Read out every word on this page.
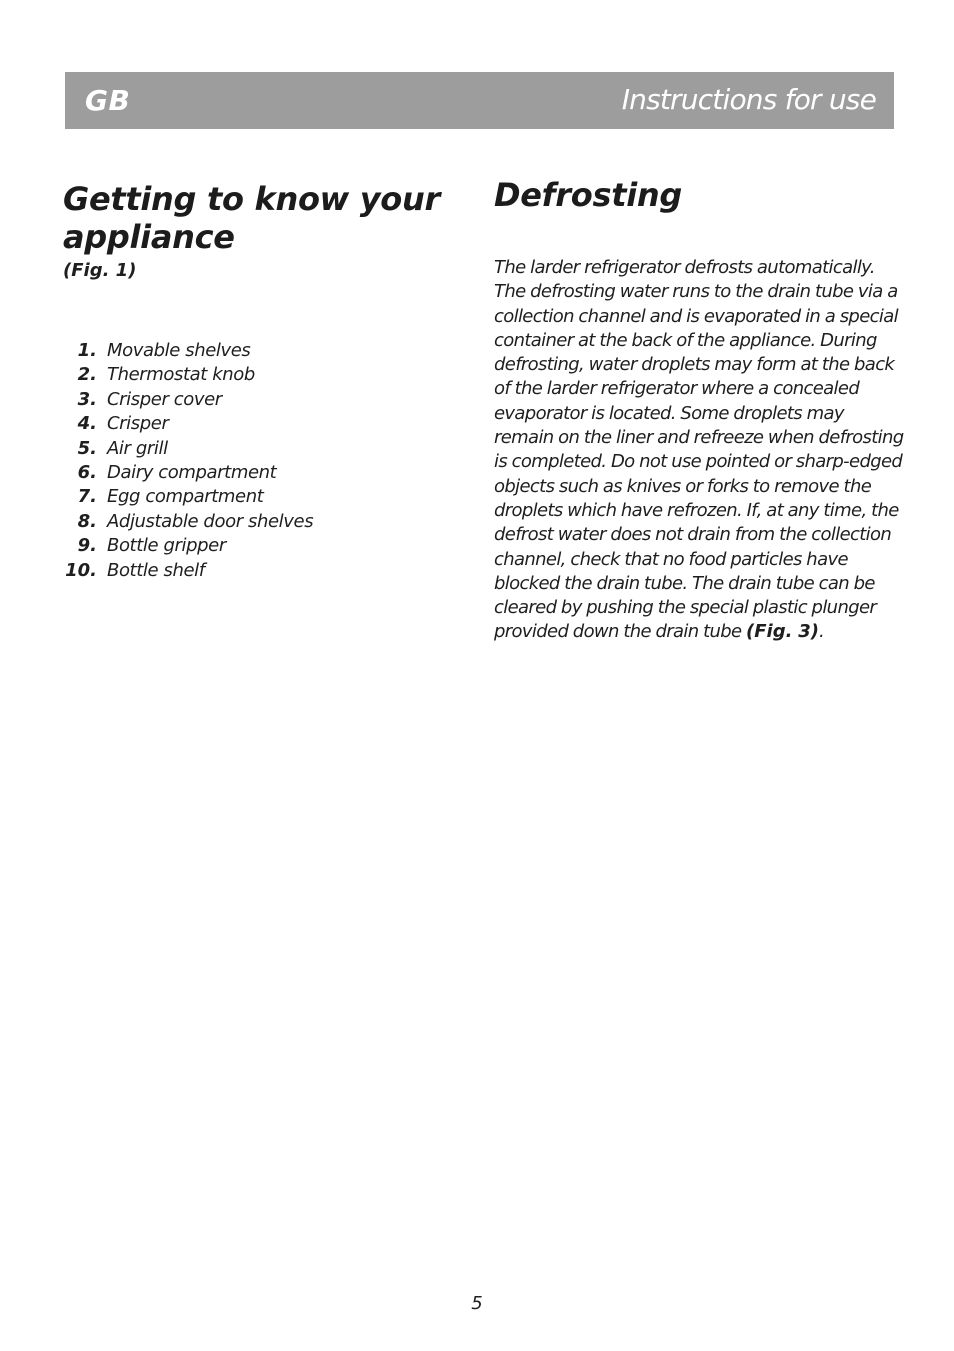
GB	Instructions for use
Getting to know your appliance
(Fig. 1)
1. Movable shelves
2. Thermostat knob
3. Crisper cover
4. Crisper
5. Air grill
6. Dairy compartment
7. Egg compartment
8. Adjustable door shelves
9. Bottle gripper
10. Bottle shelf
Defrosting

The larder refrigerator defrosts automatically. The defrosting water runs to the drain tube via a collection channel and is evaporated in a special container at the back of the appliance. During defrosting, water droplets may form at the back of the larder refrigerator where a concealed evaporator is located. Some droplets may remain on the liner and refreeze when defrosting is completed. Do not use pointed or sharp-edged objects such as knives or forks to remove the droplets which have refrozen. If, at any time, the defrost water does not drain from the collection channel, check that no food particles have blocked the drain tube. The drain tube can be cleared by pushing the special plastic plunger provided down the drain tube (Fig. 3).

5
